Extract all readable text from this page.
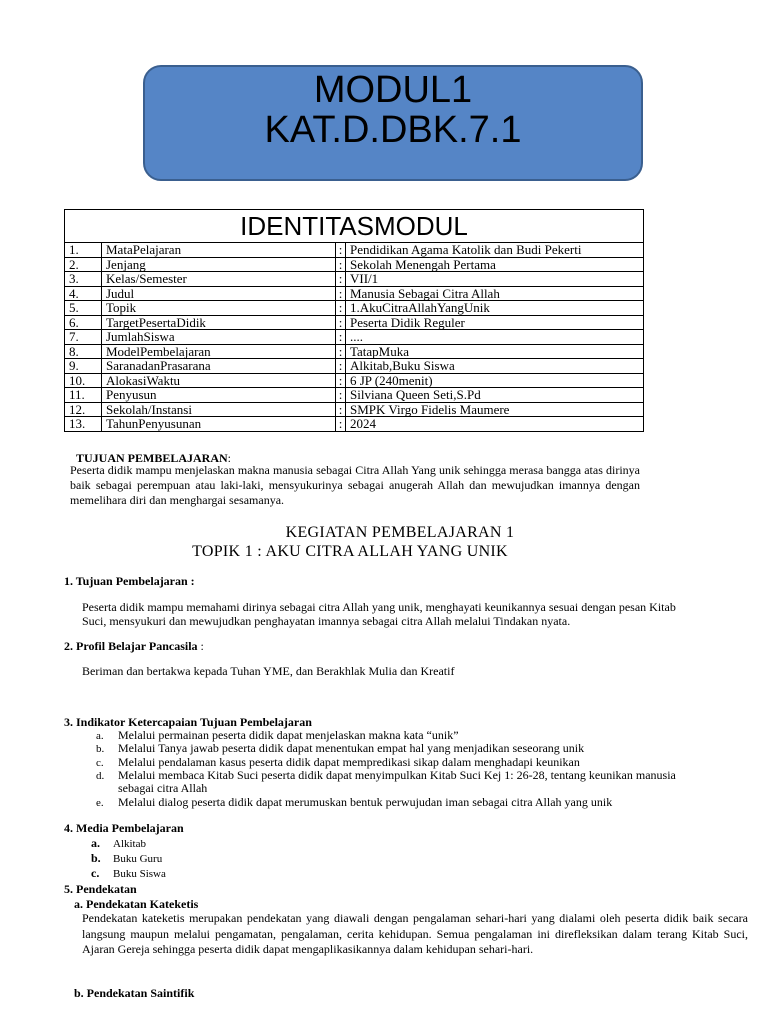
MODUL1
KAT.D.DBK.7.1
IDENTITASMODUL			
1.	MataPelajaran	:	Pendidikan Agama Katolik dan Budi Pekerti
2.	Jenjang	:	Sekolah Menengah Pertama
3.	Kelas/Semester	:	VII/1
4.	Judul	:	Manusia Sebagai Citra Allah
5.	Topik	:	1.AkuCitraAllahYangUnik
6.	TargetPesertaDidik	:	Peserta Didik Reguler
7.	JumlahSiswa	:	....
8.	ModelPembelajaran	:	TatapMuka
9.	SaranadanPrasarana	:	Alkitab,Buku Siswa
10.	AlokasiWaktu	:	6 JP (240menit)
11.	Penyusun	:	Silviana Queen Seti,S.Pd
12.	Sekolah/Instansi	:	SMPK Virgo Fidelis Maumere
13.	TahunPenyusunan	:	2024
TUJUAN PEMBELAJARAN:
Peserta didik mampu menjelaskan makna manusia sebagai Citra Allah Yang unik sehingga merasa bangga atas dirinya baik sebagai perempuan atau laki-laki, mensyukurinya sebagai anugerah Allah dan mewujudkan imannya dengan memelihara diri dan menghargai sesamanya.
KEGIATAN PEMBELAJARAN 1
TOPIK 1 : AKU CITRA ALLAH YANG UNIK
1. Tujuan Pembelajaran :
Peserta didik mampu memahami dirinya sebagai citra Allah yang unik, menghayati keunikannya sesuai dengan pesan Kitab Suci, mensyukuri dan mewujudkan penghayatan imannya sebagai citra Allah melalui Tindakan nyata.
2. Profil Belajar Pancasila :
Beriman dan bertakwa kepada Tuhan YME, dan Berakhlak Mulia dan Kreatif
3. Indikator Ketercapaian Tujuan Pembelajaran
a. Melalui permainan peserta didik dapat menjelaskan makna kata “unik”
b. Melalui Tanya jawab peserta didik dapat menentukan empat hal yang menjadikan seseorang unik
c. Melalui pendalaman kasus peserta didik dapat mempredikasi sikap dalam menghadapi keunikan
d. Melalui membaca Kitab Suci peserta didik dapat menyimpulkan Kitab Suci Kej 1: 26-28, tentang keunikan manusia sebagai citra Allah
e. Melalui dialog peserta didik dapat merumuskan bentuk perwujudan iman sebagai citra Allah yang unik
4. Media Pembelajaran
a. Alkitab
b. Buku Guru
c. Buku Siswa
5. Pendekatan
a. Pendekatan Kateketis
Pendekatan kateketis merupakan pendekatan yang diawali dengan pengalaman sehari-hari yang dialami oleh peserta didik baik secara langsung maupun melalui pengamatan, pengalaman, cerita kehidupan. Semua pengalaman ini direfleksikan dalam terang Kitab Suci, Ajaran Gereja sehingga peserta didik dapat mengaplikasikannya dalam kehidupan sehari-hari.
b. Pendekatan Saintifik
